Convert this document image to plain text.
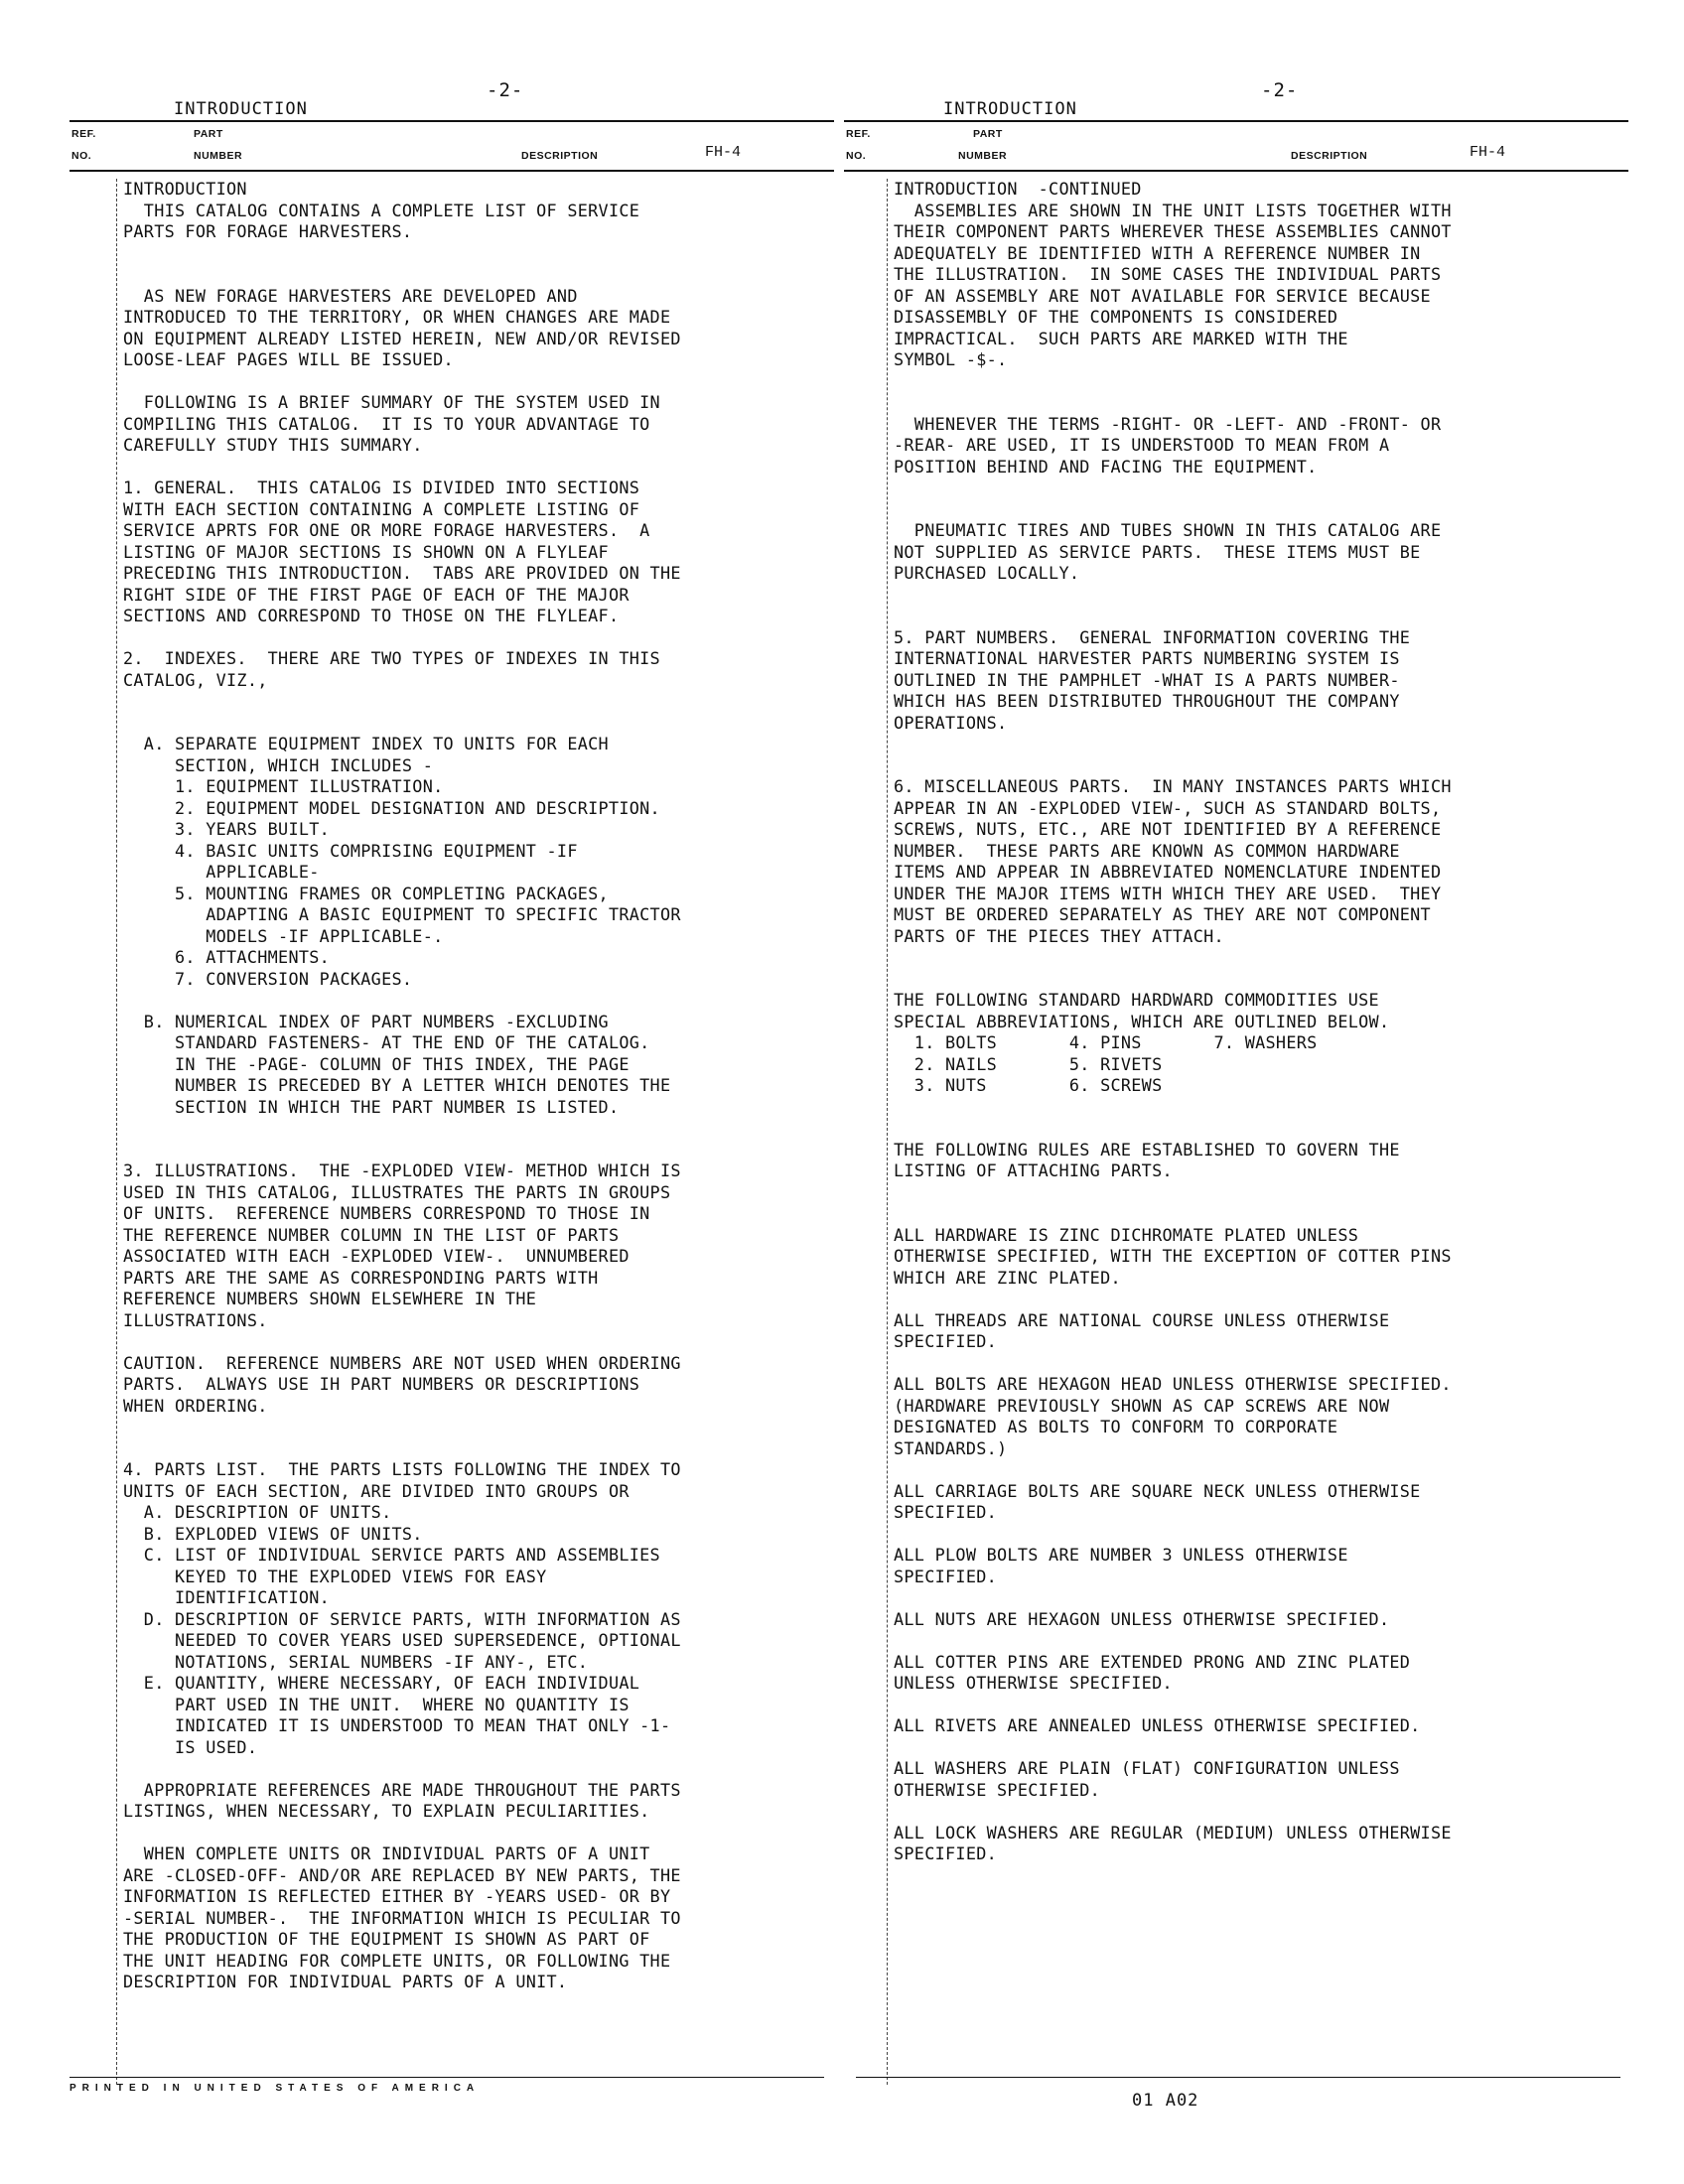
-2-
INTRODUCTION
REF.
NO.
PART
NUMBER	DESCRIPTION	FH-4
INTRODUCTION
THIS CATALOG CONTAINS A COMPLETE LIST OF SERVICE
PARTS FOR FORAGE HARVESTERS.

AS NEW FORAGE HARVESTERS ARE DEVELOPED AND
INTRODUCED TO THE TERRITORY, OR WHEN CHANGES ARE MADE
ON EQUIPMENT ALREADY LISTED HEREIN, NEW AND/OR REVISED
LOOSE-LEAF PAGES WILL BE ISSUED.

FOLLOWING IS A BRIEF SUMMARY OF THE SYSTEM USED IN
COMPILING THIS CATALOG.  IT IS TO YOUR ADVANTAGE TO
CAREFULLY STUDY THIS SUMMARY.

1. GENERAL.  THIS CATALOG IS DIVIDED INTO SECTIONS
WITH EACH SECTION CONTAINING A COMPLETE LISTING OF
SERVICE APRTS FOR ONE OR MORE FORAGE HARVESTERS.  A
LISTING OF MAJOR SECTIONS IS SHOWN ON A FLYLEAF
PRECEDING THIS INTRODUCTION.  TABS ARE PROVIDED ON THE
RIGHT SIDE OF THE FIRST PAGE OF EACH OF THE MAJOR
SECTIONS AND CORRESPOND TO THOSE ON THE FLYLEAF.

2.  INDEXES.  THERE ARE TWO TYPES OF INDEXES IN THIS
CATALOG, VIZ.,

A. SEPARATE EQUIPMENT INDEX TO UNITS FOR EACH
SECTION, WHICH INCLUDES -
1. EQUIPMENT ILLUSTRATION.
2. EQUIPMENT MODEL DESIGNATION AND DESCRIPTION.
3. YEARS BUILT.
4. BASIC UNITS COMPRISING EQUIPMENT -IF
APPLICABLE-
5. MOUNTING FRAMES OR COMPLETING PACKAGES,
ADAPTING A BASIC EQUIPMENT TO SPECIFIC TRACTOR
MODELS -IF APPLICABLE-.
6. ATTACHMENTS.
7. CONVERSION PACKAGES.

B. NUMERICAL INDEX OF PART NUMBERS -EXCLUDING
STANDARD FASTENERS- AT THE END OF THE CATALOG.
IN THE -PAGE- COLUMN OF THIS INDEX, THE PAGE
NUMBER IS PRECEDED BY A LETTER WHICH DENOTES THE
SECTION IN WHICH THE PART NUMBER IS LISTED.

3. ILLUSTRATIONS.  THE -EXPLODED VIEW- METHOD WHICH IS
USED IN THIS CATALOG, ILLUSTRATES THE PARTS IN GROUPS
OF UNITS.  REFERENCE NUMBERS CORRESPOND TO THOSE IN
THE REFERENCE NUMBER COLUMN IN THE LIST OF PARTS
ASSOCIATED WITH EACH -EXPLODED VIEW-.  UNNUMBERED
PARTS ARE THE SAME AS CORRESPONDING PARTS WITH
REFERENCE NUMBERS SHOWN ELSEWHERE IN THE
ILLUSTRATIONS.

CAUTION.  REFERENCE NUMBERS ARE NOT USED WHEN ORDERING
PARTS.  ALWAYS USE IH PART NUMBERS OR DESCRIPTIONS
WHEN ORDERING.

4. PARTS LIST.  THE PARTS LISTS FOLLOWING THE INDEX TO
UNITS OF EACH SECTION, ARE DIVIDED INTO GROUPS OR
A. DESCRIPTION OF UNITS.
B. EXPLODED VIEWS OF UNITS.
C. LIST OF INDIVIDUAL SERVICE PARTS AND ASSEMBLIES
KEYED TO THE EXPLODED VIEWS FOR EASY
IDENTIFICATION.
D. DESCRIPTION OF SERVICE PARTS, WITH INFORMATION AS
NEEDED TO COVER YEARS USED SUPERSEDENCE, OPTIONAL
NOTATIONS, SERIAL NUMBERS -IF ANY-, ETC.
E. QUANTITY, WHERE NECESSARY, OF EACH INDIVIDUAL
PART USED IN THE UNIT.  WHERE NO QUANTITY IS
INDICATED IT IS UNDERSTOOD TO MEAN THAT ONLY -1-
IS USED.

APPROPRIATE REFERENCES ARE MADE THROUGHOUT THE PARTS
LISTINGS, WHEN NECESSARY, TO EXPLAIN PECULIARITIES.

WHEN COMPLETE UNITS OR INDIVIDUAL PARTS OF A UNIT
ARE -CLOSED-OFF- AND/OR ARE REPLACED BY NEW PARTS, THE
INFORMATION IS REFLECTED EITHER BY -YEARS USED- OR BY
-SERIAL NUMBER-.  THE INFORMATION WHICH IS PECULIAR TO
THE PRODUCTION OF THE EQUIPMENT IS SHOWN AS PART OF
THE UNIT HEADING FOR COMPLETE UNITS, OR FOLLOWING THE
DESCRIPTION FOR INDIVIDUAL PARTS OF A UNIT.
PRINTED IN UNITED STATES OF AMERICA
-2-
INTRODUCTION
REF.
NO.
PART
NUMBER	DESCRIPTION	FH-4
INTRODUCTION  -CONTINUED
ASSEMBLIES ARE SHOWN IN THE UNIT LISTS TOGETHER WITH
THEIR COMPONENT PARTS WHEREVER THESE ASSEMBLIES CANNOT
ADEQUATELY BE IDENTIFIED WITH A REFERENCE NUMBER IN
THE ILLUSTRATION.  IN SOME CASES THE INDIVIDUAL PARTS
OF AN ASSEMBLY ARE NOT AVAILABLE FOR SERVICE BECAUSE
DISASSEMBLY OF THE COMPONENTS IS CONSIDERED
IMPRACTICAL.  SUCH PARTS ARE MARKED WITH THE
SYMBOL -$-.

WHENEVER THE TERMS -RIGHT- OR -LEFT- AND -FRONT- OR
-REAR- ARE USED, IT IS UNDERSTOOD TO MEAN FROM A
POSITION BEHIND AND FACING THE EQUIPMENT.

PNEUMATIC TIRES AND TUBES SHOWN IN THIS CATALOG ARE
NOT SUPPLIED AS SERVICE PARTS.  THESE ITEMS MUST BE
PURCHASED LOCALLY.

5. PART NUMBERS.  GENERAL INFORMATION COVERING THE
INTERNATIONAL HARVESTER PARTS NUMBERING SYSTEM IS
OUTLINED IN THE PAMPHLET -WHAT IS A PARTS NUMBER-
WHICH HAS BEEN DISTRIBUTED THROUGHOUT THE COMPANY
OPERATIONS.

6. MISCELLANEOUS PARTS.  IN MANY INSTANCES PARTS WHICH
APPEAR IN AN -EXPLODED VIEW-, SUCH AS STANDARD BOLTS,
SCREWS, NUTS, ETC., ARE NOT IDENTIFIED BY A REFERENCE
NUMBER.  THESE PARTS ARE KNOWN AS COMMON HARDWARE
ITEMS AND APPEAR IN ABBREVIATED NOMENCLATURE INDENTED
UNDER THE MAJOR ITEMS WITH WHICH THEY ARE USED.  THEY
MUST BE ORDERED SEPARATELY AS THEY ARE NOT COMPONENT
PARTS OF THE PIECES THEY ATTACH.

THE FOLLOWING STANDARD HARDWARD COMMODITIES USE
SPECIAL ABBREVIATIONS, WHICH ARE OUTLINED BELOW.
1. BOLTS       4. PINS       7. WASHERS
2. NAILS       5. RIVETS
3. NUTS        6. SCREWS

THE FOLLOWING RULES ARE ESTABLISHED TO GOVERN THE
LISTING OF ATTACHING PARTS.

ALL HARDWARE IS ZINC DICHROMATE PLATED UNLESS
OTHERWISE SPECIFIED, WITH THE EXCEPTION OF COTTER PINS
WHICH ARE ZINC PLATED.

ALL THREADS ARE NATIONAL COURSE UNLESS OTHERWISE
SPECIFIED.

ALL BOLTS ARE HEXAGON HEAD UNLESS OTHERWISE SPECIFIED.
(HARDWARE PREVIOUSLY SHOWN AS CAP SCREWS ARE NOW
DESIGNATED AS BOLTS TO CONFORM TO CORPORATE
STANDARDS.)

ALL CARRIAGE BOLTS ARE SQUARE NECK UNLESS OTHERWISE
SPECIFIED.

ALL PLOW BOLTS ARE NUMBER 3 UNLESS OTHERWISE
SPECIFIED.

ALL NUTS ARE HEXAGON UNLESS OTHERWISE SPECIFIED.

ALL COTTER PINS ARE EXTENDED PRONG AND ZINC PLATED
UNLESS OTHERWISE SPECIFIED.

ALL RIVETS ARE ANNEALED UNLESS OTHERWISE SPECIFIED.

ALL WASHERS ARE PLAIN (FLAT) CONFIGURATION UNLESS
OTHERWISE SPECIFIED.

ALL LOCK WASHERS ARE REGULAR (MEDIUM) UNLESS OTHERWISE
SPECIFIED.
01 A02
